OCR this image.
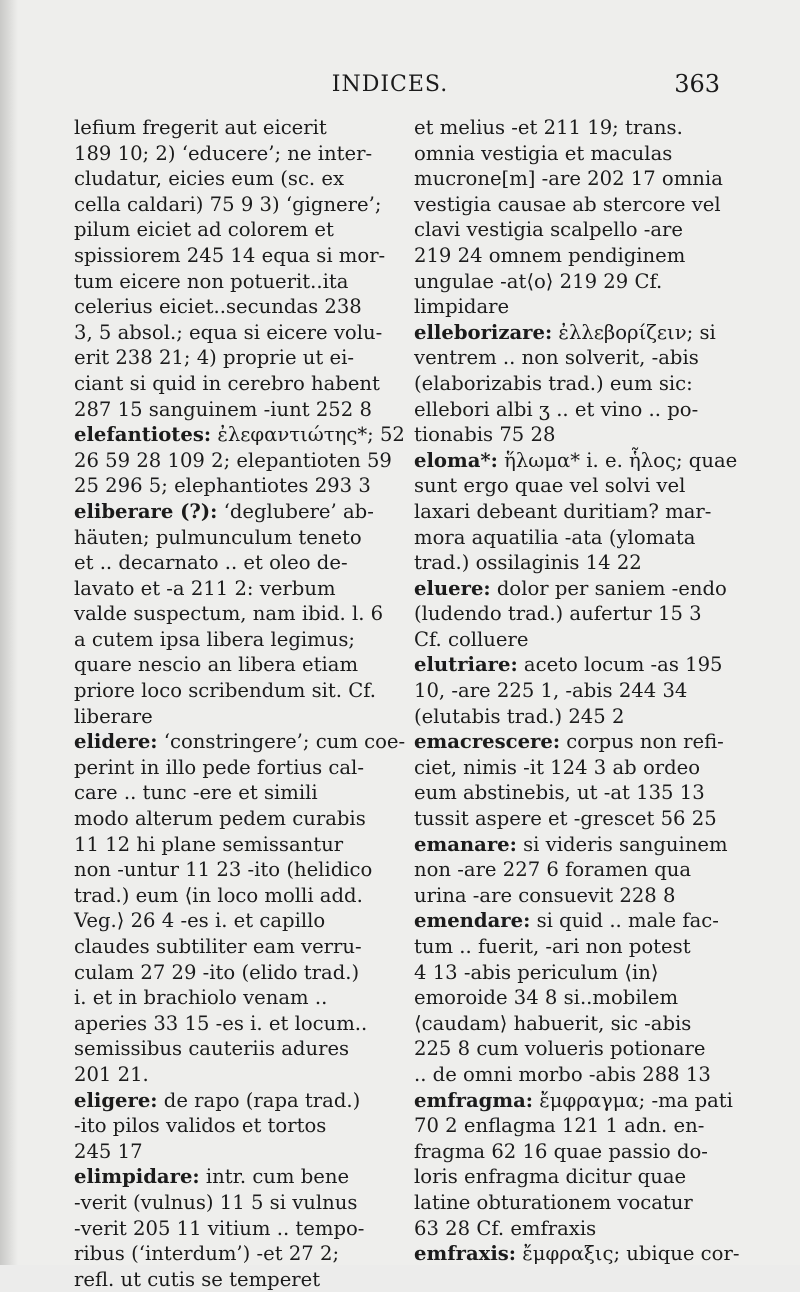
INDICES.	363
lefium fregerit aut eicerit
189 10; 2) ‘educere’; ne inter-
cludatur, eicies eum (sc. ex
cella caldari) 75 9 3) ‘gignere’;
pilum eiciet ad colorem et
spissiorem 245 14 equa si mor-
tum eicere non potuerit..ita
celerius eiciet..secundas 238
3, 5 absol.; equa si eicere volu-
erit 238 21; 4) proprie ut ei-
ciant si quid in cerebro habent
287 15 sanguinem -iunt 252 8
elefantiotes: ἐλεφαντιώτης*; 52
26 59 28 109 2; elepantioten 59
25 296 5; elephantiotes 293 3
eliberare (?): ‘deglubere’ ab-
häuten; pulmunculum teneto
et .. decarnato .. et oleo de-
lavato et -a 211 2: verbum
valde suspectum, nam ibid. l. 6
a cutem ipsa libera legimus;
quare nescio an libera etiam
priore loco scribendum sit. Cf.
liberare
elidere: ‘constringere’; cum coe-
perint in illo pede fortius cal-
care .. tunc -ere et simili
modo alterum pedem curabis
11 12 hi plane semissantur
non -untur 11 23 -ito (helidico
trad.) eum ⟨in loco molli add.
Veg.⟩ 26 4 -es i. et capillo
claudes subtiliter eam verru-
culam 27 29 -ito (elido trad.)
i. et in brachiolo venam ..
aperies 33 15 -es i. et locum..
semissibus cauteriis adures
201 21.
eligere: de rapo (rapa trad.)
-ito pilos validos et tortos
245 17
elimpidare: intr. cum bene
-verit (vulnus) 11 5 si vulnus
-verit 205 11 vitium .. tempo-
ribus (‘interdum’) -et 27 2;
refl. ut cutis se temperet
et melius -et 211 19; trans.
omnia vestigia et maculas
mucrone[m] -are 202 17 omnia
vestigia causae ab stercore vel
clavi vestigia scalpello -are
219 24 omnem pendiginem
ungulae -at⟨o⟩ 219 29 Cf.
limpidare
elleborizare: ἐλλεβορίζειν; si
ventrem .. non solverit, -abis
(elaborizabis trad.) eum sic:
ellebori albi ʒ .. et vino .. po-
tionabis 75 28
eloma*: ἥλωμα* i. e. ἧλος; quae
sunt ergo quae vel solvi vel
laxari debeant duritiam? mar-
mora aquatilia -ata (ylomata
trad.) ossilaginis 14 22
eluere: dolor per saniem -endo
(ludendo trad.) aufertur 15 3
Cf. colluere
elutriare: aceto locum -as 195
10, -are 225 1, -abis 244 34
(elutabis trad.) 245 2
emacrescere: corpus non refi-
ciet, nimis -it 124 3 ab ordeo
eum abstinebis, ut -at 135 13
tussit aspere et -grescet 56 25
emanare: si videris sanguinem
non -are 227 6 foramen qua
urina -are consuevit 228 8
emendare: si quid .. male fac-
tum .. fuerit, -ari non potest
4 13 -abis periculum ⟨in⟩
emoroide 34 8 si..mobilem
⟨caudam⟩ habuerit, sic -abis
225 8 cum volueris potionare
.. de omni morbo -abis 288 13
emfragma: ἔμφραγμα; -ma pati
70 2 enflagma 121 1 adn. en-
fragma 62 16 quae passio do-
loris enfragma dicitur quae
latine obturationem vocatur
63 28 Cf. emfraxis
emfraxis: ἔμφραξις; ubique cor-
